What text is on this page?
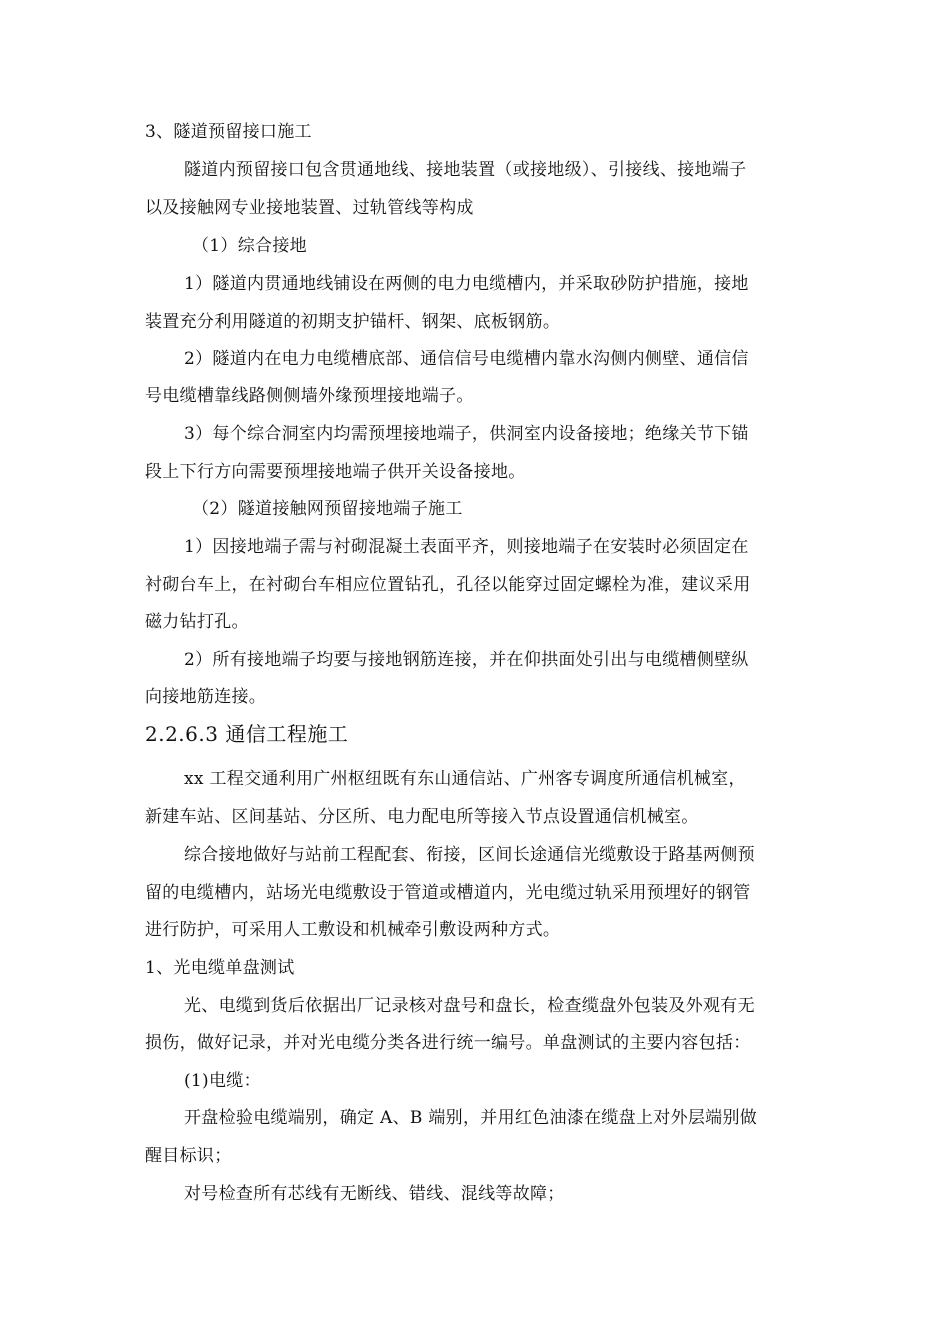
3、隧道预留接口施工
隧道内预留接口包含贯通地线、接地装置（或接地级）、引接线、接地端子
以及接触网专业接地装置、过轨管线等构成
（1）综合接地
1）隧道内贯通地线铺设在两侧的电力电缆槽内，并采取砂防护措施，接地
装置充分利用隧道的初期支护锚杆、钢架、底板钢筋。
2）隧道内在电力电缆槽底部、通信信号电缆槽内靠水沟侧内侧壁、通信信
号电缆槽靠线路侧侧墙外缘预埋接地端子。
3）每个综合洞室内均需预埋接地端子，供洞室内设备接地；绝缘关节下锚
段上下行方向需要预埋接地端子供开关设备接地。
（2）隧道接触网预留接地端子施工
1）因接地端子需与衬砌混凝土表面平齐，则接地端子在安装时必须固定在
衬砌台车上，在衬砌台车相应位置钻孔，孔径以能穿过固定螺栓为准，建议采用
磁力钻打孔。
2）所有接地端子均要与接地钢筋连接，并在仰拱面处引出与电缆槽侧壁纵
向接地筋连接。
2.2.6.3 通信工程施工
xx 工程交通利用广州枢纽既有东山通信站、广州客专调度所通信机械室，
新建车站、区间基站、分区所、电力配电所等接入节点设置通信机械室。
综合接地做好与站前工程配套、衔接，区间长途通信光缆敷设于路基两侧预
留的电缆槽内，站场光电缆敷设于管道或槽道内，光电缆过轨采用预埋好的钢管
进行防护，可采用人工敷设和机械牵引敷设两种方式。
1、光电缆单盘测试
光、电缆到货后依据出厂记录核对盘号和盘长，检查缆盘外包装及外观有无
损伤，做好记录，并对光电缆分类各进行统一编号。单盘测试的主要内容包括：
(1)电缆：
开盘检验电缆端别，确定 A、B 端别，并用红色油漆在缆盘上对外层端别做
醒目标识；
对号检查所有芯线有无断线、错线、混线等故障；
